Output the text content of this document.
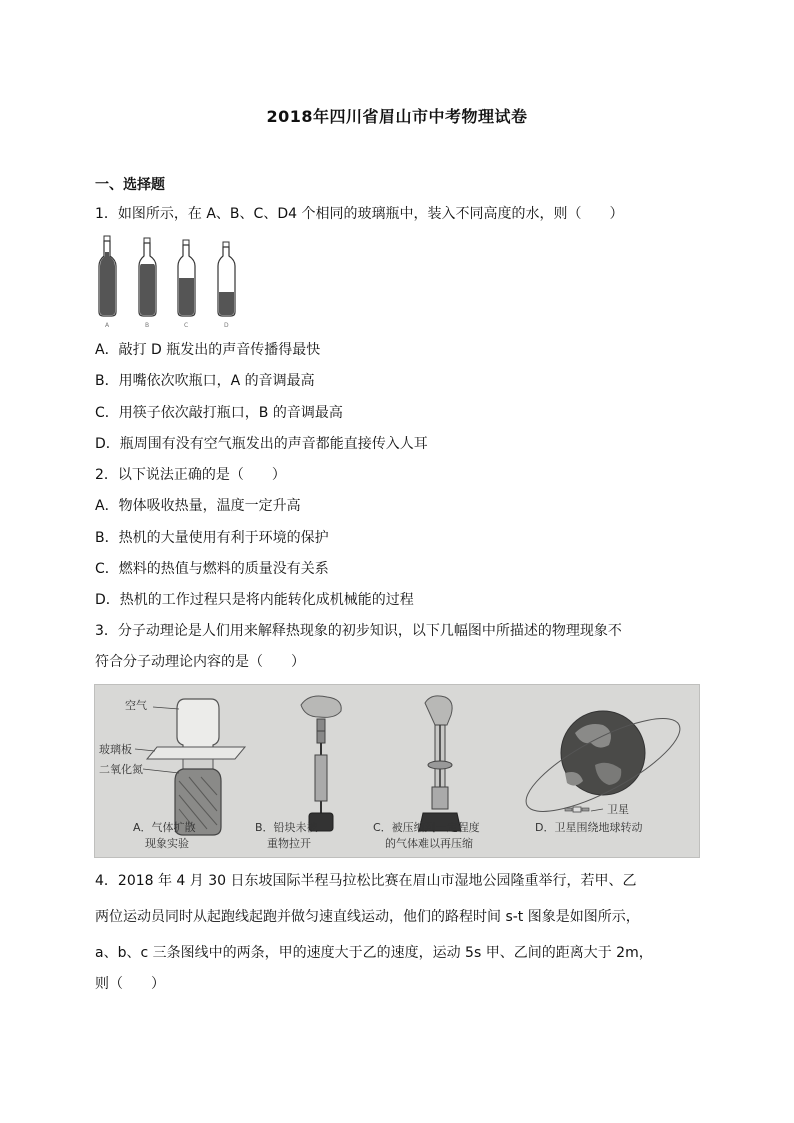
2018年四川省眉山市中考物理试卷
一、选择题
1．如图所示，在 A、B、C、D4 个相同的玻璃瓶中，装入不同高度的水，则（　　）
A	B	C	D
A．敲打 D 瓶发出的声音传播得最快
B．用嘴依次吹瓶口，A 的音调最高
C．用筷子依次敲打瓶口，B 的音调最高
D．瓶周围有没有空气瓶发出的声音都能直接传入人耳
2．以下说法正确的是（　　）
A．物体吸收热量，温度一定升高
B．热机的大量使用有利于环境的保护
C．燃料的热值与燃料的质量没有关系
D．热机的工作过程只是将内能转化成机械能的过程
3．分子动理论是人们用来解释热现象的初步知识，以下几幅图中所描述的物理现象不
符合分子动理论内容的是（　　）
空气
玻璃板
二氧化氮
卫星
A．气体扩散
现象实验
B．铅块未被
重物拉开
C．被压缩到一定程度
的气体难以再压缩
D．卫星围绕地球转动
4．2018 年 4 月 30 日东坡国际半程马拉松比赛在眉山市湿地公园隆重举行，若甲、乙
两位运动员同时从起跑线起跑并做匀速直线运动，他们的路程时间 s-t 图象是如图所示，
a、b、c 三条图线中的两条，甲的速度大于乙的速度，运动 5s 甲、乙间的距离大于 2m，
则（　　）
